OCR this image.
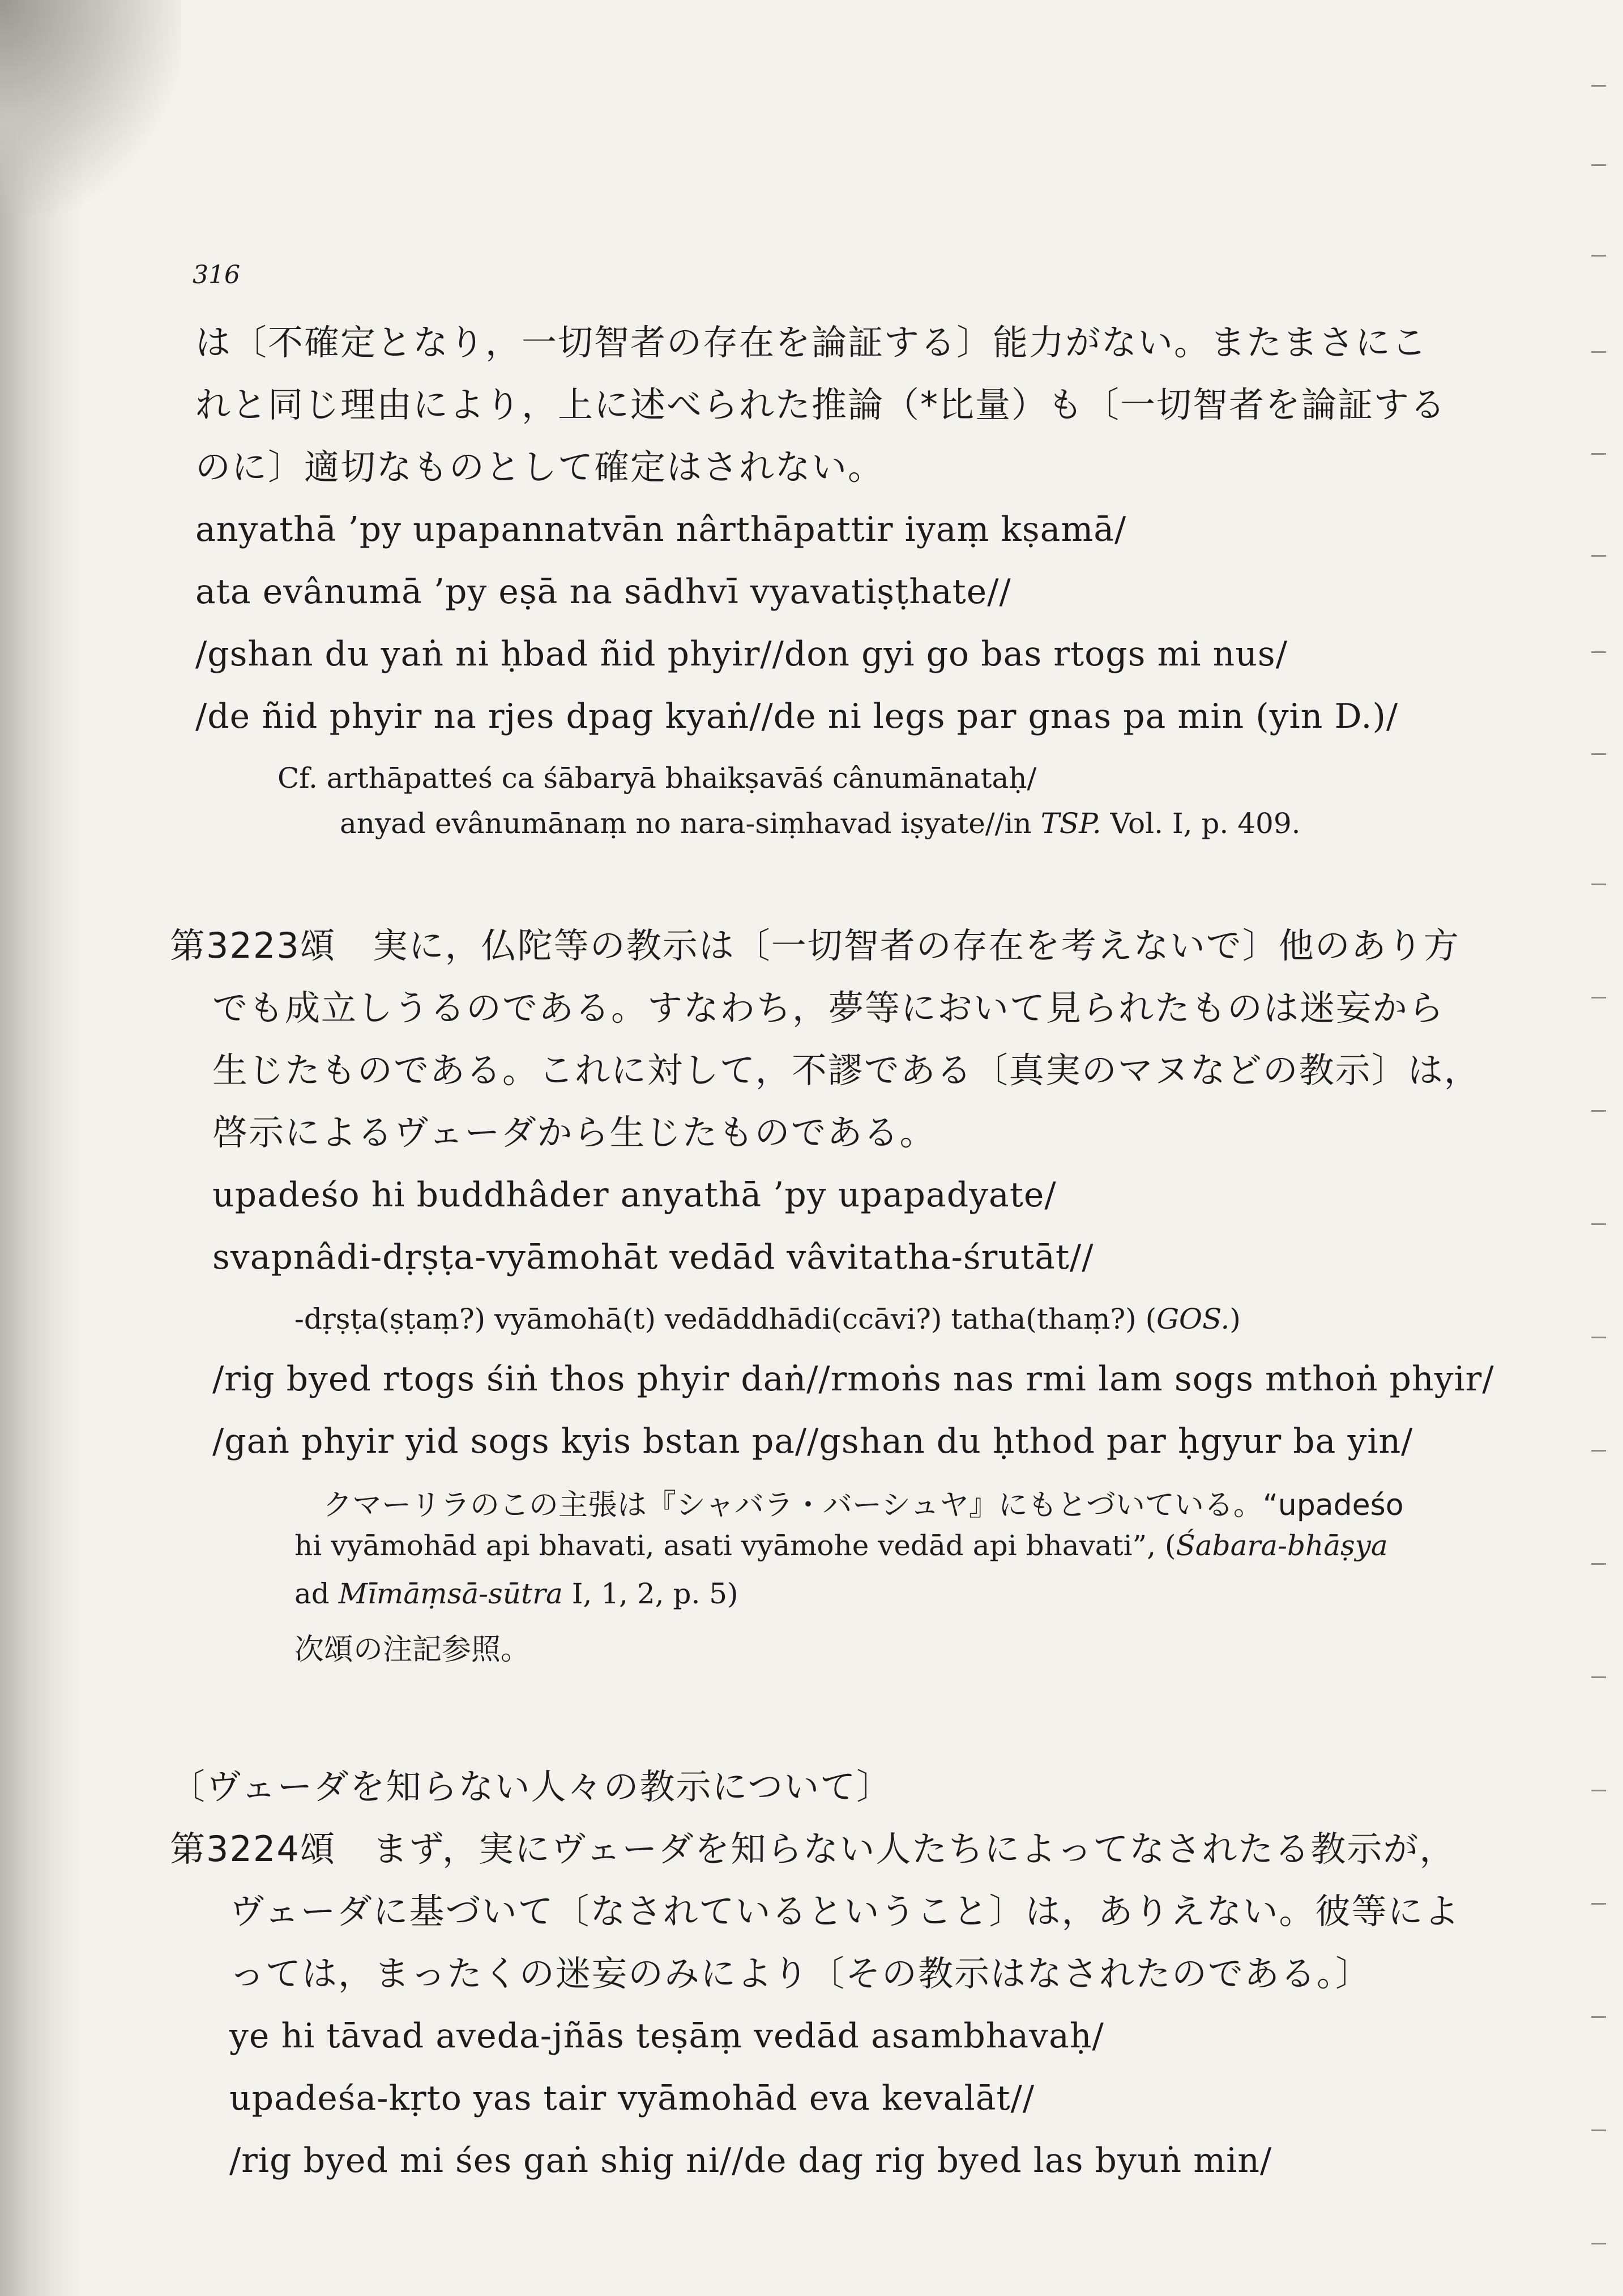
316
は〔不確定となり，一切智者の存在を論証する〕能力がない。またまさにこ
れと同じ理由により，上に述べられた推論（*比量）も〔一切智者を論証する
のに〕適切なものとして確定はされない。
anyathā ’py upapannatvān nârthāpattir iyaṃ kṣamā/
ata evânumā ’py eṣā na sādhvī vyavatiṣṭhate//
/gshan du yaṅ ni ḥbad ñid phyir//don gyi go bas rtogs mi nus/
/de ñid phyir na rjes dpag kyaṅ//de ni legs par gnas pa min (yin D.)/
Cf. arthāpatteś ca śābaryā bhaikṣavāś cânumānataḥ/
anyad evânumānaṃ no nara-siṃhavad iṣyate//in TSP. Vol. I, p. 409.
第3223頌　実に，仏陀等の教示は〔一切智者の存在を考えないで〕他のあり方
でも成立しうるのである。すなわち，夢等において見られたものは迷妄から
生じたものである。これに対して，不謬である〔真実のマヌなどの教示〕は，
啓示によるヴェーダから生じたものである。
upadeśo hi buddhâder anyathā ’py upapadyate/
svapnâdi-dṛṣṭa-vyāmohāt vedād vâvitatha-śrutāt//
-dṛṣṭa(ṣṭaṃ?) vyāmohā(t) vedāddhādi(ccāvi?) tatha(thaṃ?) (GOS.)
/rig byed rtogs śiṅ thos phyir daṅ//rmoṅs nas rmi lam sogs mthoṅ phyir/
/gaṅ phyir yid sogs kyis bstan pa//gshan du ḥthod par ḥgyur ba yin/
クマーリラのこの主張は『シャバラ・バーシュヤ』にもとづいている。“upadeśo
hi vyāmohād api bhavati, asati vyāmohe vedād api bhavati”, (Śabara-bhāṣya
ad Mīmāṃsā-sūtra I, 1, 2, p. 5)
次頌の注記参照。
〔ヴェーダを知らない人々の教示について〕
第3224頌　まず，実にヴェーダを知らない人たちによってなされたる教示が，
ヴェーダに基づいて〔なされているということ〕は，ありえない。彼等によ
っては，まったくの迷妄のみにより〔その教示はなされたのである。〕
ye hi tāvad aveda-jñās teṣāṃ vedād asambhavaḥ/
upadeśa-kṛto yas tair vyāmohād eva kevalāt//
/rig byed mi śes gaṅ shig ni//de dag rig byed las byuṅ min/
